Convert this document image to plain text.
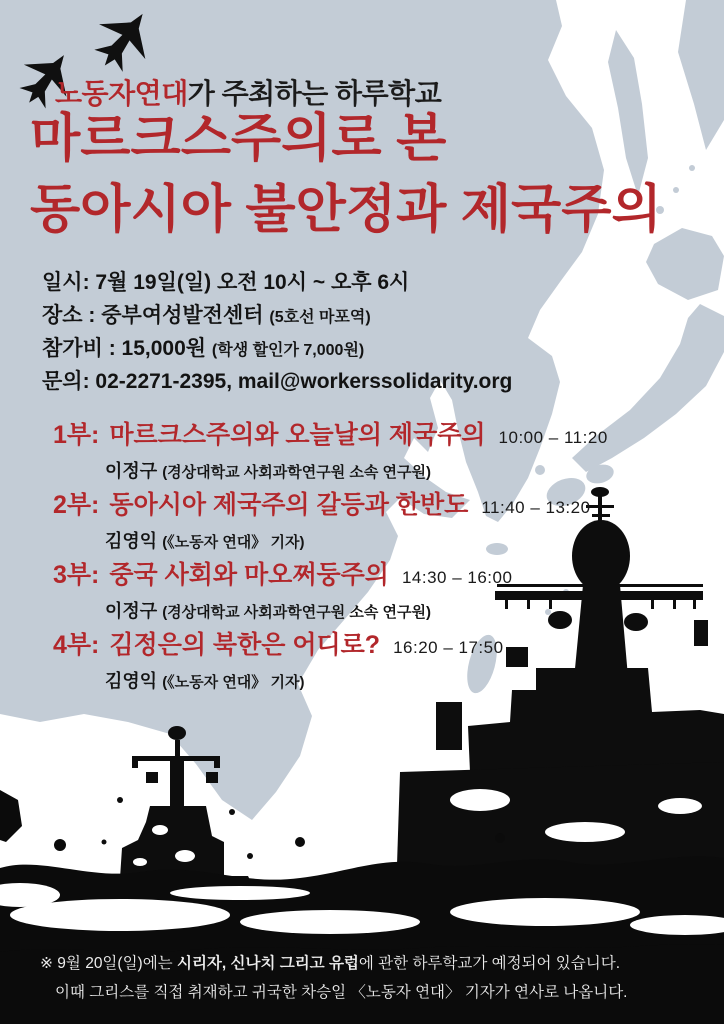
노동자연대가 주최하는 하루학교
마르크스주의로 본
동아시아 불안정과 제국주의
일시: 7월 19일(일) 오전 10시 ~ 오후 6시
장소 : 중부여성발전센터 (5호선 마포역)
참가비 : 15,000원 (학생 할인가 7,000원)
문의: 02-2271-2395, mail@workerssolidarity.org
1부: 마르크스주의와 오늘날의 제국주의 10:00 – 11:20
이정구 (경상대학교 사회과학연구원 소속 연구원)
2부: 동아시아 제국주의 갈등과 한반도 11:40 – 13:20
김영익 (《노동자 연대》 기자)
3부: 중국 사회와 마오쩌둥주의 14:30 – 16:00
이정구 (경상대학교 사회과학연구원 소속 연구원)
4부: 김정은의 북한은 어디로? 16:20 – 17:50
김영익 (《노동자 연대》 기자)
※ 9월 20일(일)에는 시리자, 신나치 그리고 유럽에 관한 하루학교가 예정되어 있습니다.
이때 그리스를 직접 취재하고 귀국한 차승일 〈노동자 연대〉 기자가 연사로 나옵니다.
